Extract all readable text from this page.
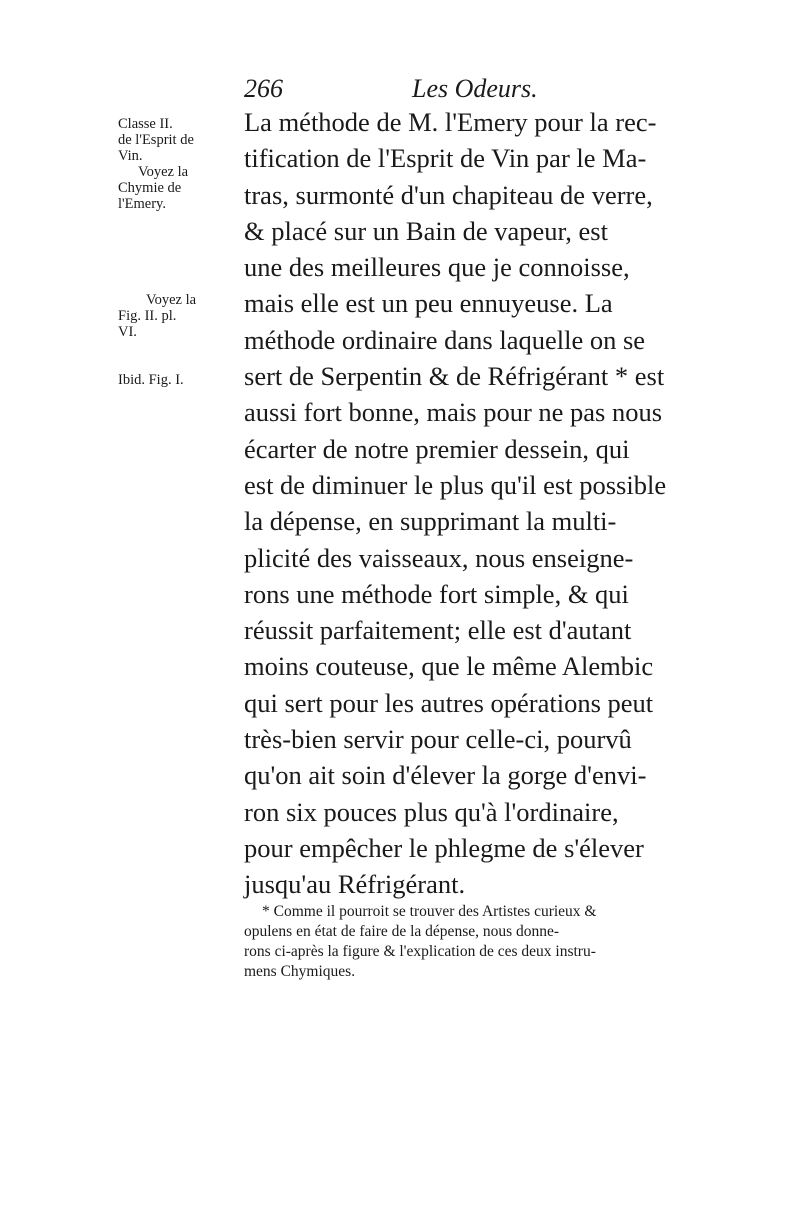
266	Les Odeurs.
Classe II.
de l'Esprit de
Vin.
Voyez la
Chymie de
l'Emery.
Voyez la
Fig. II. pl.
VI.
Ibid. Fig. I.
La méthode de M. l'Emery pour la rec-
tification de l'Esprit de Vin par le Ma-
tras, surmonté d'un chapiteau de verre,
& placé sur un Bain de vapeur, est
une des meilleures que je connoisse,
mais elle est un peu ennuyeuse. La
méthode ordinaire dans laquelle on se
sert de Serpentin & de Réfrigérant * est
aussi fort bonne, mais pour ne pas nous
écarter de notre premier dessein, qui
est de diminuer le plus qu'il est possible
la dépense, en supprimant la multi-
plicité des vaisseaux, nous enseigne-
rons une méthode fort simple, & qui
réussit parfaitement; elle est d'autant
moins couteuse, que le même Alembic
qui sert pour les autres opérations peut
très-bien servir pour celle-ci, pourvû
qu'on ait soin d'élever la gorge d'envi-
ron six pouces plus qu'à l'ordinaire,
pour empêcher le phlegme de s'élever
jusqu'au Réfrigérant.
* Comme il pourroit se trouver des Artistes curieux &
opulens en état de faire de la dépense, nous donne-
rons ci-après la figure & l'explication de ces deux instru-
mens Chymiques.
